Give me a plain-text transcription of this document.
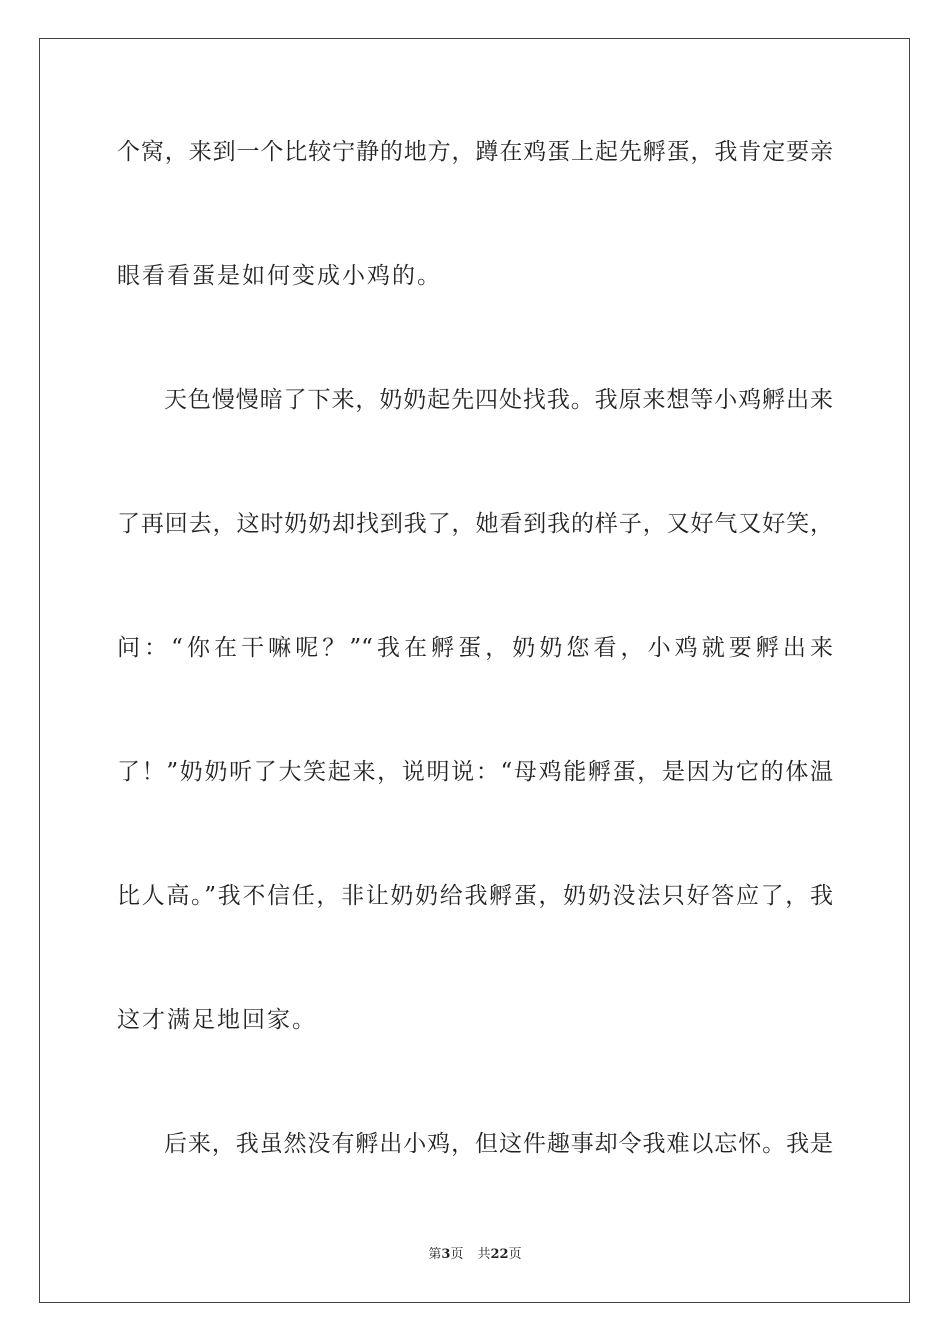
个窝，来到一个比较宁静的地方，蹲在鸡蛋上起先孵蛋，我肯定要亲
眼看看蛋是如何变成小鸡的。
天色慢慢暗了下来，奶奶起先四处找我。我原来想等小鸡孵出来
了再回去，这时奶奶却找到我了，她看到我的样子，又好气又好笑，
问：“你在干嘛呢？”“我在孵蛋，奶奶您看，小鸡就要孵出来
了！”奶奶听了大笑起来，说明说：“母鸡能孵蛋，是因为它的体温
比人高。”我不信任，非让奶奶给我孵蛋，奶奶没法只好答应了，我
这才满足地回家。
后来，我虽然没有孵出小鸡，但这件趣事却令我难以忘怀。我是
第3页 共22页
